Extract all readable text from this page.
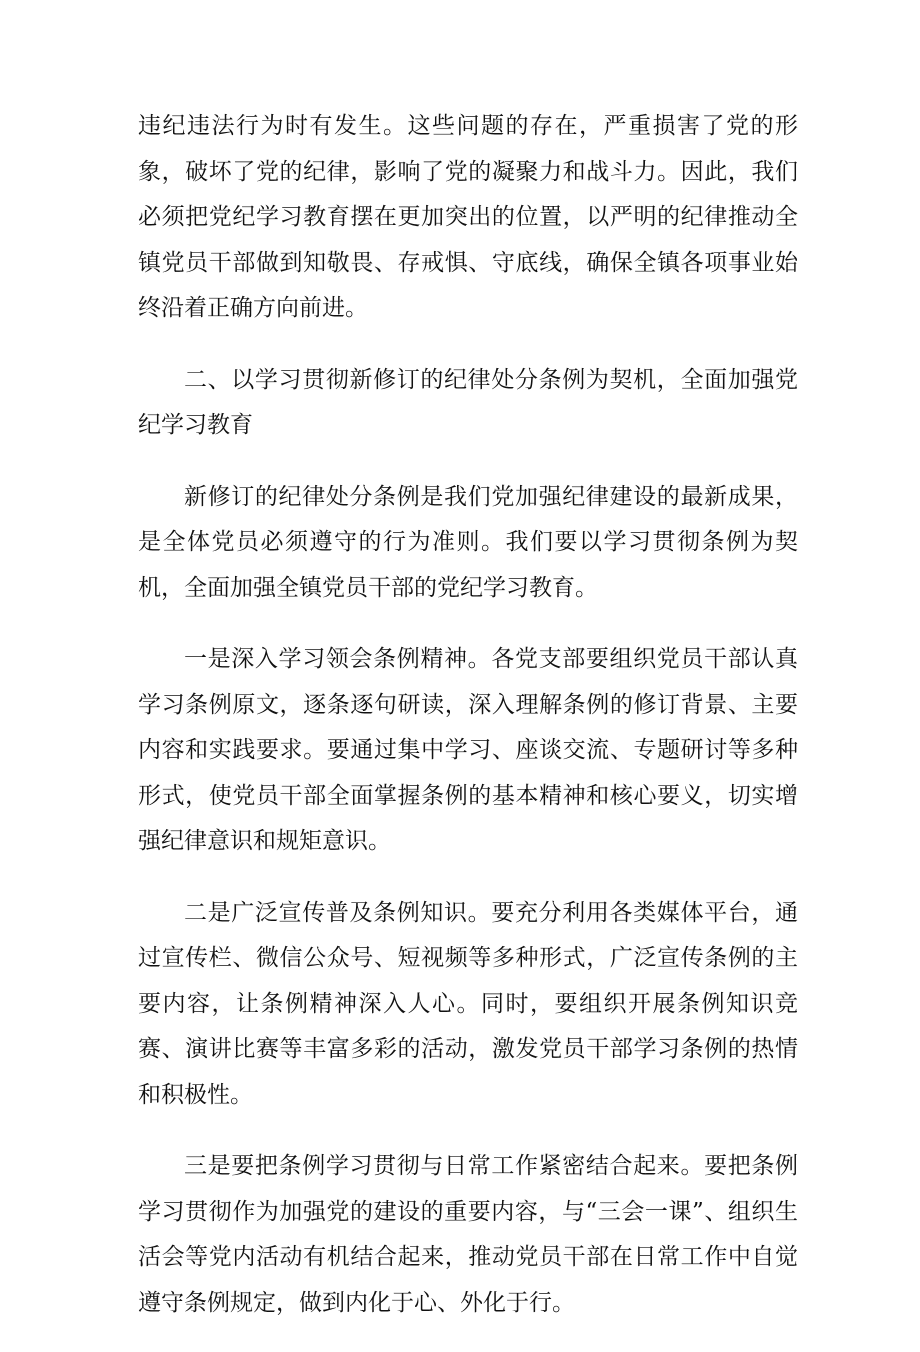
违纪违法行为时有发生。这些问题的存在，严重损害了党的形象，破坏了党的纪律，影响了党的凝聚力和战斗力。因此，我们必须把党纪学习教育摆在更加突出的位置，以严明的纪律推动全镇党员干部做到知敬畏、存戒惧、守底线，确保全镇各项事业始终沿着正确方向前进。

二、以学习贯彻新修订的纪律处分条例为契机，全面加强党纪学习教育

新修订的纪律处分条例是我们党加强纪律建设的最新成果，是全体党员必须遵守的行为准则。我们要以学习贯彻条例为契机，全面加强全镇党员干部的党纪学习教育。

一是深入学习领会条例精神。各党支部要组织党员干部认真学习条例原文，逐条逐句研读，深入理解条例的修订背景、主要内容和实践要求。要通过集中学习、座谈交流、专题研讨等多种形式，使党员干部全面掌握条例的基本精神和核心要义，切实增强纪律意识和规矩意识。

二是广泛宣传普及条例知识。要充分利用各类媒体平台，通过宣传栏、微信公众号、短视频等多种形式，广泛宣传条例的主要内容，让条例精神深入人心。同时，要组织开展条例知识竞赛、演讲比赛等丰富多彩的活动，激发党员干部学习条例的热情和积极性。

三是要把条例学习贯彻与日常工作紧密结合起来。要把条例学习贯彻作为加强党的建设的重要内容，与“三会一课”、组织生活会等党内活动有机结合起来，推动党员干部在日常工作中自觉遵守条例规定，做到内化于心、外化于行。
